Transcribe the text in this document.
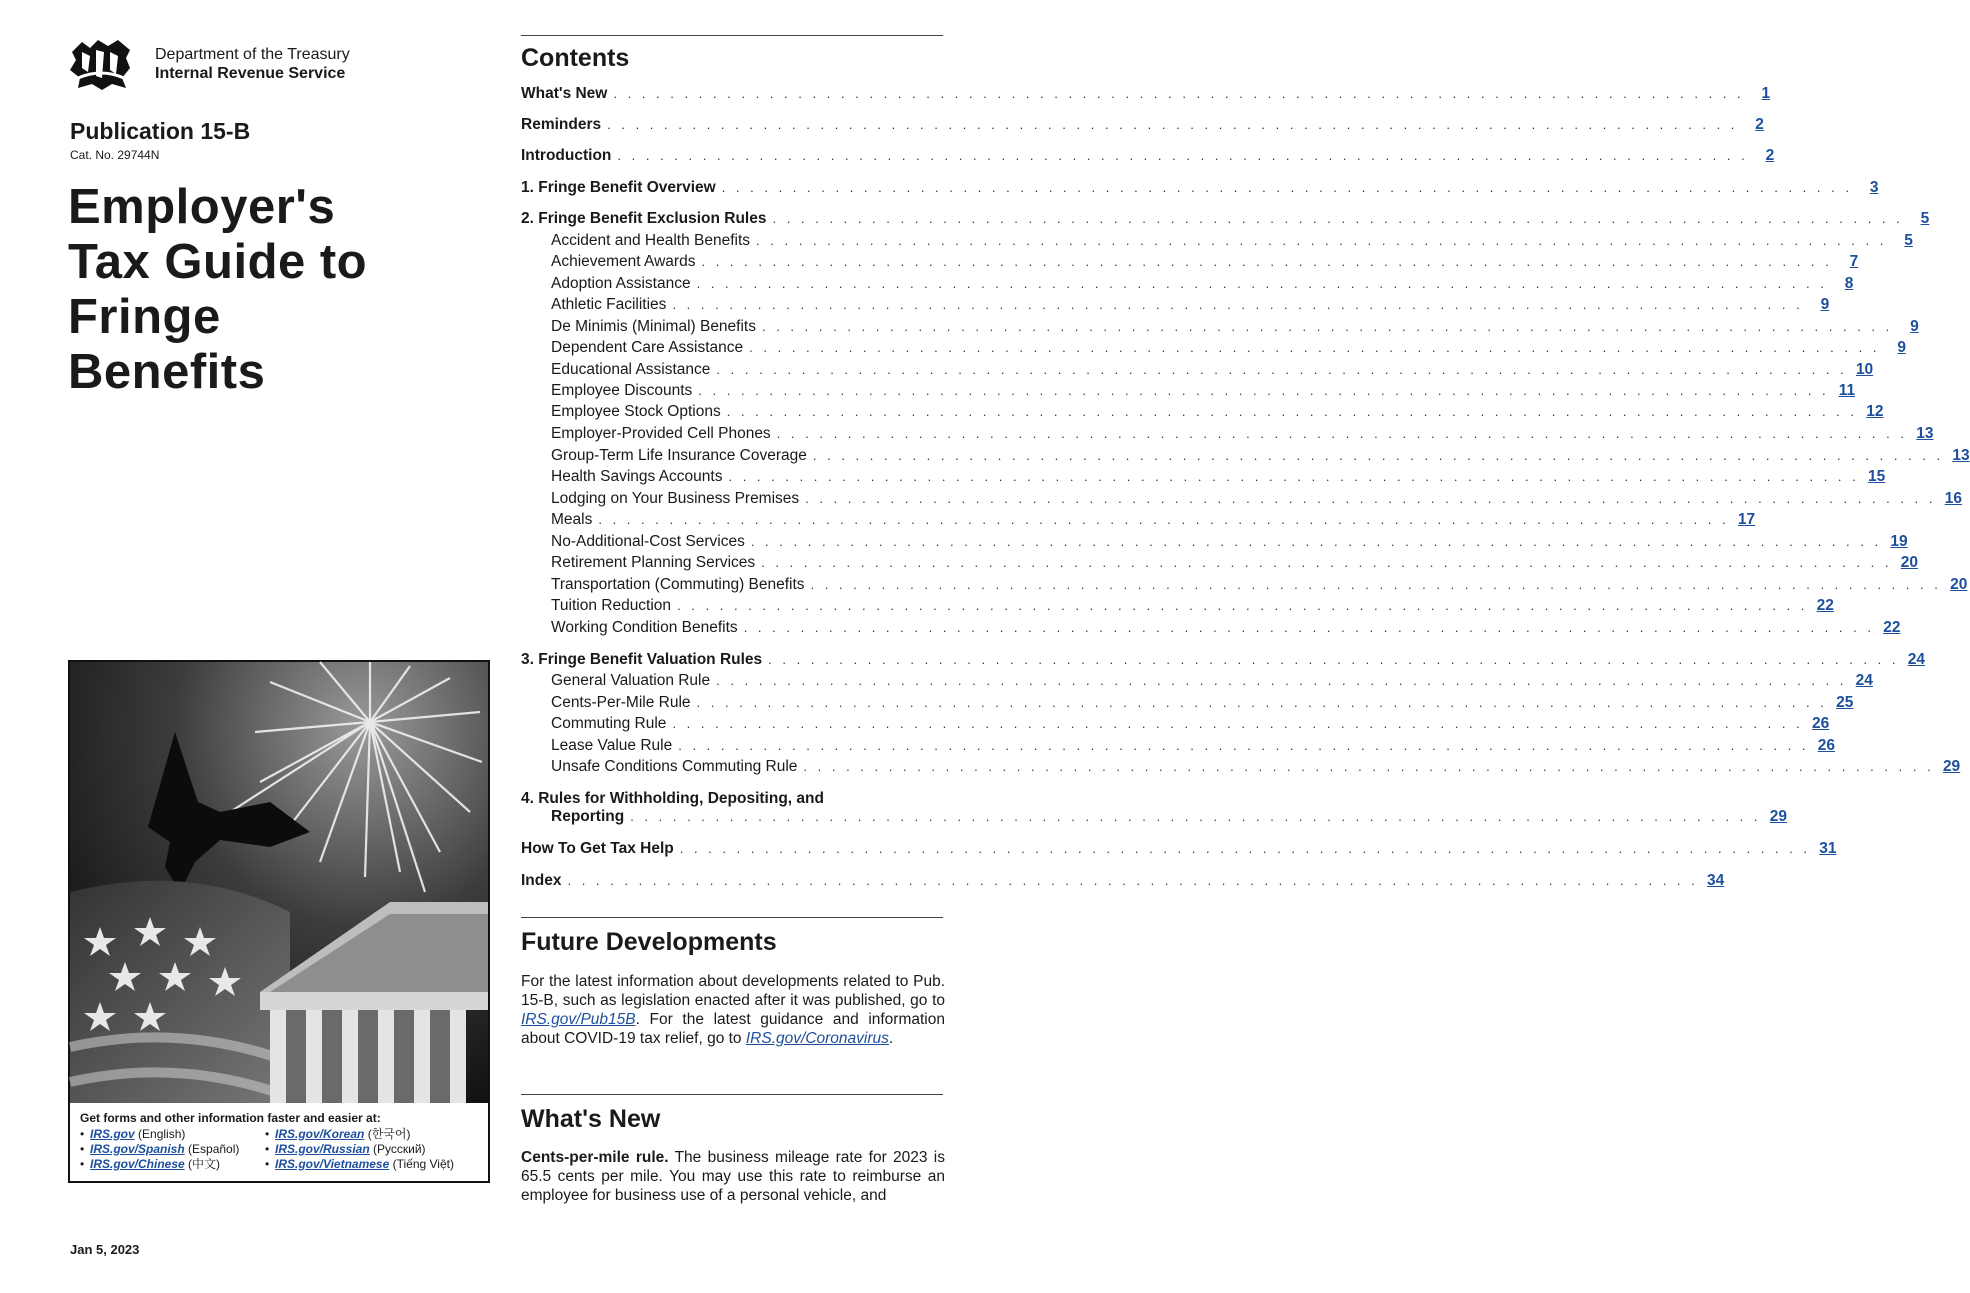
Department of the Treasury
Internal Revenue Service
Publication 15-B
Cat. No. 29744N
Employer's
Tax Guide to
Fringe
Benefits
Get forms and other information faster and easier at:
• IRS.gov (English)
• IRS.gov/Spanish (Español)
• IRS.gov/Chinese (中文)
• IRS.gov/Korean (한국어)
• IRS.gov/Russian (Русский)
• IRS.gov/Vietnamese (Tiếng Việt)
Jan 5, 2023
Contents
What's New . . . . . . . . . . . . . . . . . . . . . . . . . . . . . . . . . . . . . . . . . . . . . . . . . . . . . . . . . . . . . . . . . . . . . . . . . . . . . . . .	1
Reminders . . . . . . . . . . . . . . . . . . . . . . . . . . . . . . . . . . . . . . . . . . . . . . . . . . . . . . . . . . . . . . . . . . . . . . . . . . . . . . . .	2
Introduction . . . . . . . . . . . . . . . . . . . . . . . . . . . . . . . . . . . . . . . . . . . . . . . . . . . . . . . . . . . . . . . . . . . . . . . . . . . . . . . .	2
1. Fringe Benefit Overview . . . . . . . . . . . . . . . . . . . . . . . . . . . . . . . . . . . . . . . . . . . . . . . . . . . . . . . . . . . . . . . . . . . . . . . . . . . . . . . .	3
2. Fringe Benefit Exclusion Rules . . . . . . . . . . . . . . . . . . . . . . . . . . . . . . . . . . . . . . . . . . . . . . . . . . . . . . . . . . . . . . . . . . . . . . . . . . . . . . . .	5
Accident and Health Benefits . . . . . . . . . . . . . . . . . . . . . . . . . . . . . . . . . . . . . . . . . . . . . . . . . . . . . . . . . . . . . . . . . . . . . . . . . . . . . . . .	5
Achievement Awards . . . . . . . . . . . . . . . . . . . . . . . . . . . . . . . . . . . . . . . . . . . . . . . . . . . . . . . . . . . . . . . . . . . . . . . . . . . . . . . .	7
Adoption Assistance . . . . . . . . . . . . . . . . . . . . . . . . . . . . . . . . . . . . . . . . . . . . . . . . . . . . . . . . . . . . . . . . . . . . . . . . . . . . . . . .	8
Athletic Facilities . . . . . . . . . . . . . . . . . . . . . . . . . . . . . . . . . . . . . . . . . . . . . . . . . . . . . . . . . . . . . . . . . . . . . . . . . . . . . . . .	9
De Minimis (Minimal) Benefits . . . . . . . . . . . . . . . . . . . . . . . . . . . . . . . . . . . . . . . . . . . . . . . . . . . . . . . . . . . . . . . . . . . . . . . . . . . . . . . .	9
Dependent Care Assistance . . . . . . . . . . . . . . . . . . . . . . . . . . . . . . . . . . . . . . . . . . . . . . . . . . . . . . . . . . . . . . . . . . . . . . . . . . . . . . . .	9
Educational Assistance . . . . . . . . . . . . . . . . . . . . . . . . . . . . . . . . . . . . . . . . . . . . . . . . . . . . . . . . . . . . . . . . . . . . . . . . . . . . . . . . 10
Employee Discounts . . . . . . . . . . . . . . . . . . . . . . . . . . . . . . . . . . . . . . . . . . . . . . . . . . . . . . . . . . . . . . . . . . . . . . . . . . . . . . . . 11
Employee Stock Options . . . . . . . . . . . . . . . . . . . . . . . . . . . . . . . . . . . . . . . . . . . . . . . . . . . . . . . . . . . . . . . . . . . . . . . . . . . . . . . . 12
Employer-Provided Cell Phones . . . . . . . . . . . . . . . . . . . . . . . . . . . . . . . . . . . . . . . . . . . . . . . . . . . . . . . . . . . . . . . . . . . . . . . . . . . . . . . . 13
Group-Term Life Insurance Coverage . . . . . . . . . . . . . . . . . . . . . . . . . . . . . . . . . . . . . . . . . . . . . . . . . . . . . . . . . . . . . . . . . . . . . . . . . . . . . . . . 13
Health Savings Accounts . . . . . . . . . . . . . . . . . . . . . . . . . . . . . . . . . . . . . . . . . . . . . . . . . . . . . . . . . . . . . . . . . . . . . . . . . . . . . . . . 15
Lodging on Your Business Premises . . . . . . . . . . . . . . . . . . . . . . . . . . . . . . . . . . . . . . . . . . . . . . . . . . . . . . . . . . . . . . . . . . . . . . . . . . . . . . . . 16
Meals . . . . . . . . . . . . . . . . . . . . . . . . . . . . . . . . . . . . . . . . . . . . . . . . . . . . . . . . . . . . . . . . . . . . . . . . . . . . . . . . 17
No-Additional-Cost Services . . . . . . . . . . . . . . . . . . . . . . . . . . . . . . . . . . . . . . . . . . . . . . . . . . . . . . . . . . . . . . . . . . . . . . . . . . . . . . . . 19
Retirement Planning Services . . . . . . . . . . . . . . . . . . . . . . . . . . . . . . . . . . . . . . . . . . . . . . . . . . . . . . . . . . . . . . . . . . . . . . . . . . . . . . . . 20
Transportation (Commuting) Benefits . . . . . . . . . . . . . . . . . . . . . . . . . . . . . . . . . . . . . . . . . . . . . . . . . . . . . . . . . . . . . . . . . . . . . . . . . . . . . . . . 20
Tuition Reduction . . . . . . . . . . . . . . . . . . . . . . . . . . . . . . . . . . . . . . . . . . . . . . . . . . . . . . . . . . . . . . . . . . . . . . . . . . . . . . . . 22
Working Condition Benefits . . . . . . . . . . . . . . . . . . . . . . . . . . . . . . . . . . . . . . . . . . . . . . . . . . . . . . . . . . . . . . . . . . . . . . . . . . . . . . . . 22
3. Fringe Benefit Valuation Rules . . . . . . . . . . . . . . . . . . . . . . . . . . . . . . . . . . . . . . . . . . . . . . . . . . . . . . . . . . . . . . . . . . . . . . . . . . . . . . . . 24
General Valuation Rule . . . . . . . . . . . . . . . . . . . . . . . . . . . . . . . . . . . . . . . . . . . . . . . . . . . . . . . . . . . . . . . . . . . . . . . . . . . . . . . . 24
Cents-Per-Mile Rule . . . . . . . . . . . . . . . . . . . . . . . . . . . . . . . . . . . . . . . . . . . . . . . . . . . . . . . . . . . . . . . . . . . . . . . . . . . . . . . . 25
Commuting Rule . . . . . . . . . . . . . . . . . . . . . . . . . . . . . . . . . . . . . . . . . . . . . . . . . . . . . . . . . . . . . . . . . . . . . . . . . . . . . . . . 26
Lease Value Rule . . . . . . . . . . . . . . . . . . . . . . . . . . . . . . . . . . . . . . . . . . . . . . . . . . . . . . . . . . . . . . . . . . . . . . . . . . . . . . . . 26
Unsafe Conditions Commuting Rule . . . . . . . . . . . . . . . . . . . . . . . . . . . . . . . . . . . . . . . . . . . . . . . . . . . . . . . . . . . . . . . . . . . . . . . . . . . . . . . . 29
4. Rules for Withholding, Depositing, and
Reporting . . . . . . . . . . . . . . . . . . . . . . . . . . . . . . . . . . . . . . . . . . . . . . . . . . . . . . . . . . . . . . . . . . . . . . . . . . . . . . . . 29
How To Get Tax Help . . . . . . . . . . . . . . . . . . . . . . . . . . . . . . . . . . . . . . . . . . . . . . . . . . . . . . . . . . . . . . . . . . . . . . . . . . . . . . . . 31
Index . . . . . . . . . . . . . . . . . . . . . . . . . . . . . . . . . . . . . . . . . . . . . . . . . . . . . . . . . . . . . . . . . . . . . . . . . . . . . . . . 34
Future Developments

For the latest information about developments related to Pub. 15-B, such as legislation enacted after it was published, go to IRS.gov/Pub15B. For the latest guidance and information about COVID-19 tax relief, go to IRS.gov/Coronavirus.

What's New

Cents-per-mile rule. The business mileage rate for 2023 is 65.5 cents per mile. You may use this rate to reimburse an employee for business use of a personal vehicle, and
